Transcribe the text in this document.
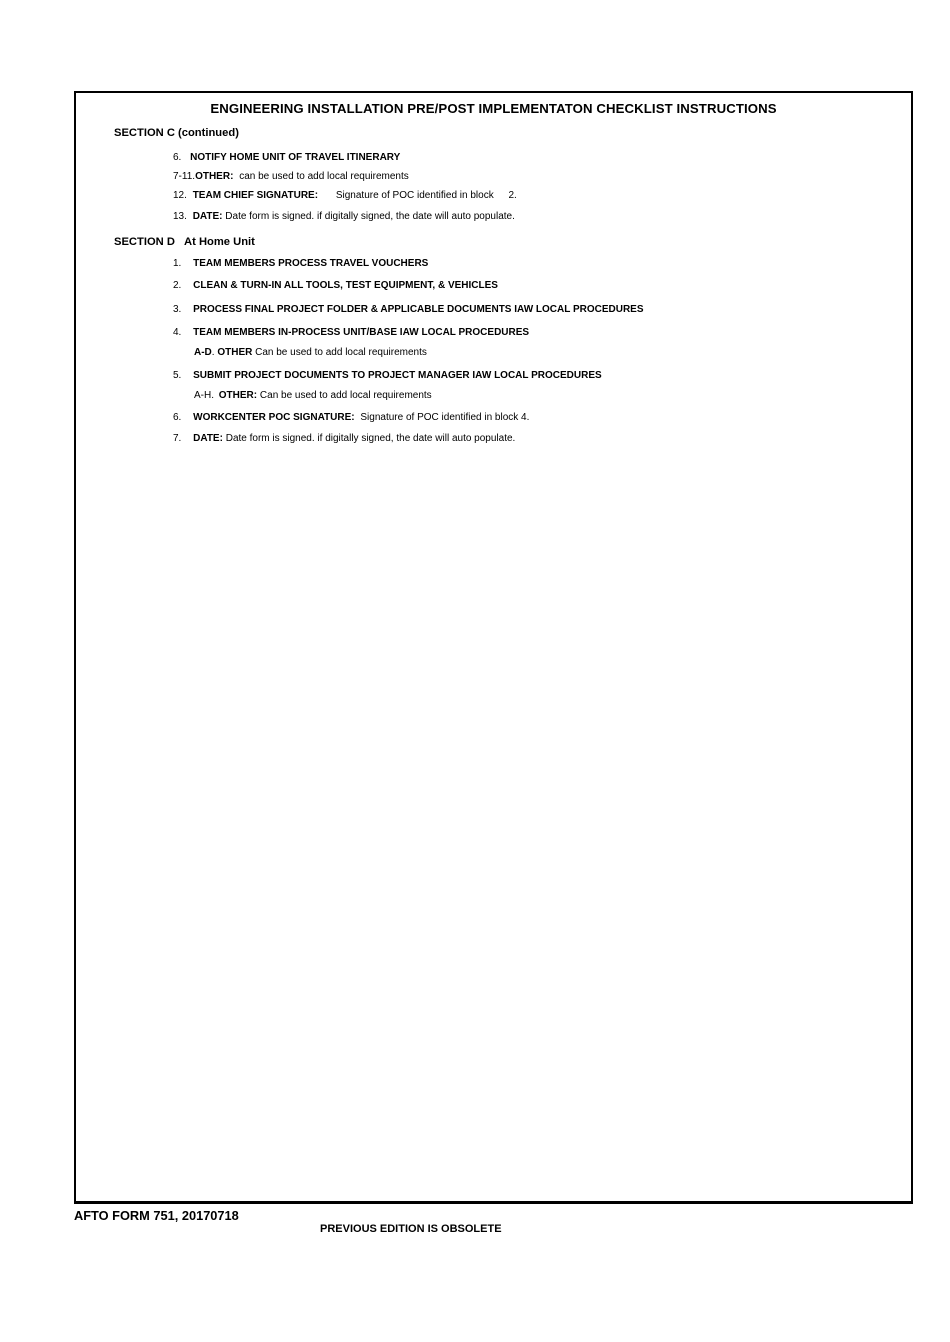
ENGINEERING INSTALLATION PRE/POST IMPLEMENTATON CHECKLIST INSTRUCTIONS
SECTION C (continued)
6. NOTIFY HOME UNIT OF TRAVEL ITINERARY
7-11.OTHER: can be used to add local requirements
12. TEAM CHIEF SIGNATURE: Signature of POC identified in block 2.
13. DATE: Date form is signed. if digitally signed, the date will auto populate.
SECTION D At Home Unit
1. TEAM MEMBERS PROCESS TRAVEL VOUCHERS
2. CLEAN & TURN-IN ALL TOOLS, TEST EQUIPMENT, & VEHICLES
3. PROCESS FINAL PROJECT FOLDER & APPLICABLE DOCUMENTS IAW LOCAL PROCEDURES
4. TEAM MEMBERS IN-PROCESS UNIT/BASE IAW LOCAL PROCEDURES
A-D. OTHER Can be used to add local requirements
5. SUBMIT PROJECT DOCUMENTS TO PROJECT MANAGER IAW LOCAL PROCEDURES
A-H. OTHER: Can be used to add local requirements
6. WORKCENTER POC SIGNATURE: Signature of POC identified in block 4.
7. DATE: Date form is signed. if digitally signed, the date will auto populate.
AFTO FORM 751, 20170718
PREVIOUS EDITION IS OBSOLETE
